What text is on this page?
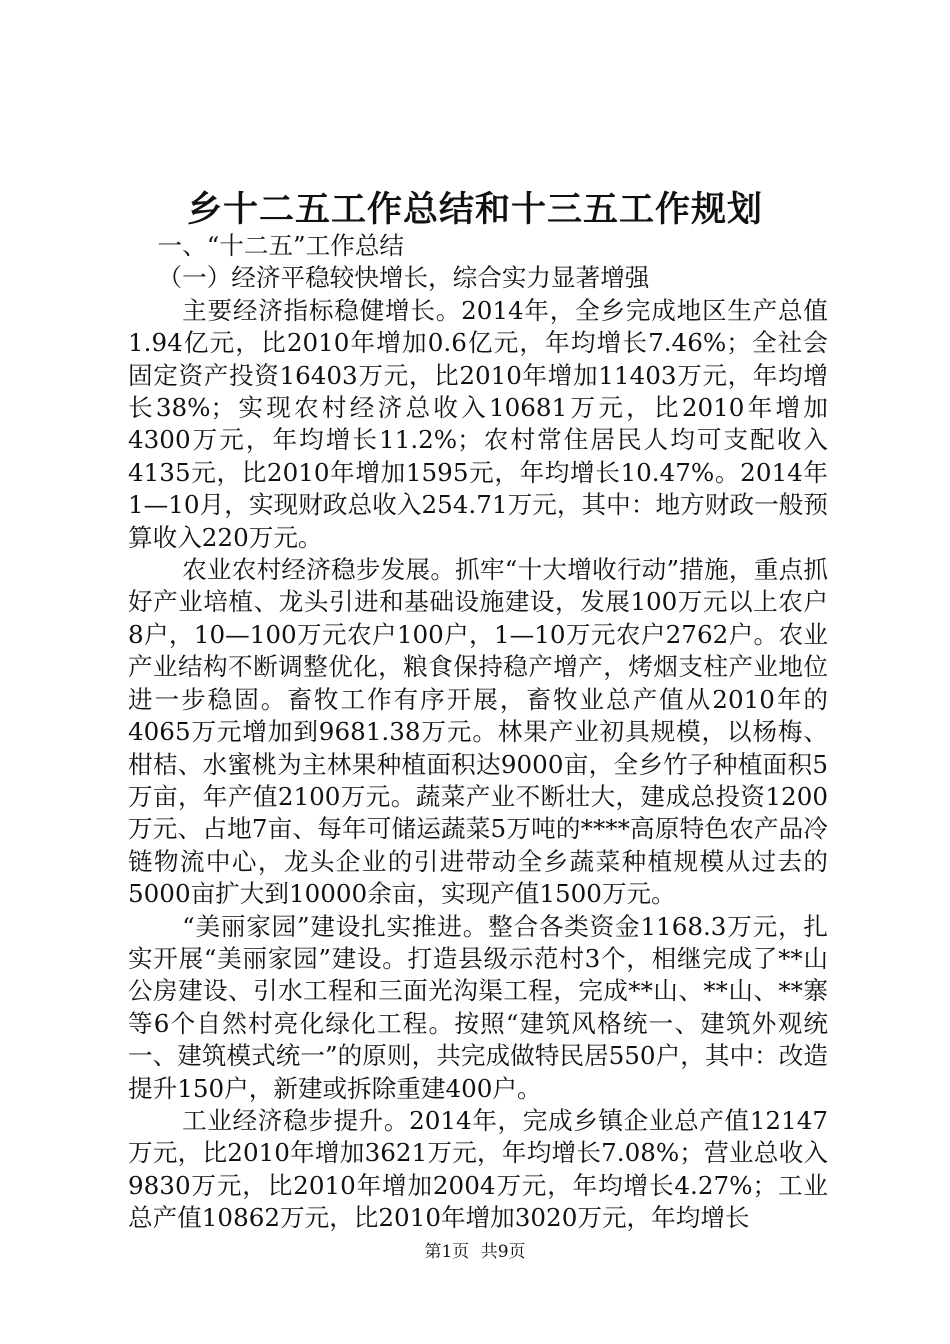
乡十二五工作总结和十三五工作规划

一、“十二五”工作总结

（一）经济平稳较快增长，综合实力显著增强

主要经济指标稳健增长。2014年，全乡完成地区生产总值1.94亿元，比2010年增加0.6亿元，年均增长7.46%；全社会固定资产投资16403万元，比2010年增加11403万元，年均增长38%；实现农村经济总收入10681万元，比2010年增加4300万元，年均增长11.2%；农村常住居民人均可支配收入4135元，比2010年增加1595元，年均增长10.47%。2014年1—10月，实现财政总收入254.71万元，其中：地方财政一般预算收入220万元。

农业农村经济稳步发展。抓牢“十大增收行动”措施，重点抓好产业培植、龙头引进和基础设施建设，发展100万元以上农户8户，10—100万元农户100户，1—10万元农户2762户。农业产业结构不断调整优化，粮食保持稳产增产，烤烟支柱产业地位进一步稳固。畜牧工作有序开展，畜牧业总产值从2010年的4065万元增加到9681.38万元。林果产业初具规模，以杨梅、柑桔、水蜜桃为主林果种植面积达9000亩，全乡竹子种植面积5万亩，年产值2100万元。蔬菜产业不断壮大，建成总投资1200万元、占地7亩、每年可储运蔬菜5万吨的****高原特色农产品冷链物流中心，龙头企业的引进带动全乡蔬菜种植规模从过去的5000亩扩大到10000余亩，实现产值1500万元。

“美丽家园”建设扎实推进。整合各类资金1168.3万元，扎实开展“美丽家园”建设。打造县级示范村3个，相继完成了**山公房建设、引水工程和三面光沟渠工程，完成**山、**山、**寨等6个自然村亮化绿化工程。按照“建筑风格统一、建筑外观统一、建筑模式统一”的原则，共完成做特民居550户，其中：改造提升150户，新建或拆除重建400户。

工业经济稳步提升。2014年，完成乡镇企业总产值12147万元，比2010年增加3621万元，年均增长7.08%；营业总收入9830万元，比2010年增加2004万元，年均增长4.27%；工业总产值10862万元，比2010年增加3020万元，年均增长

第1页 共9页
